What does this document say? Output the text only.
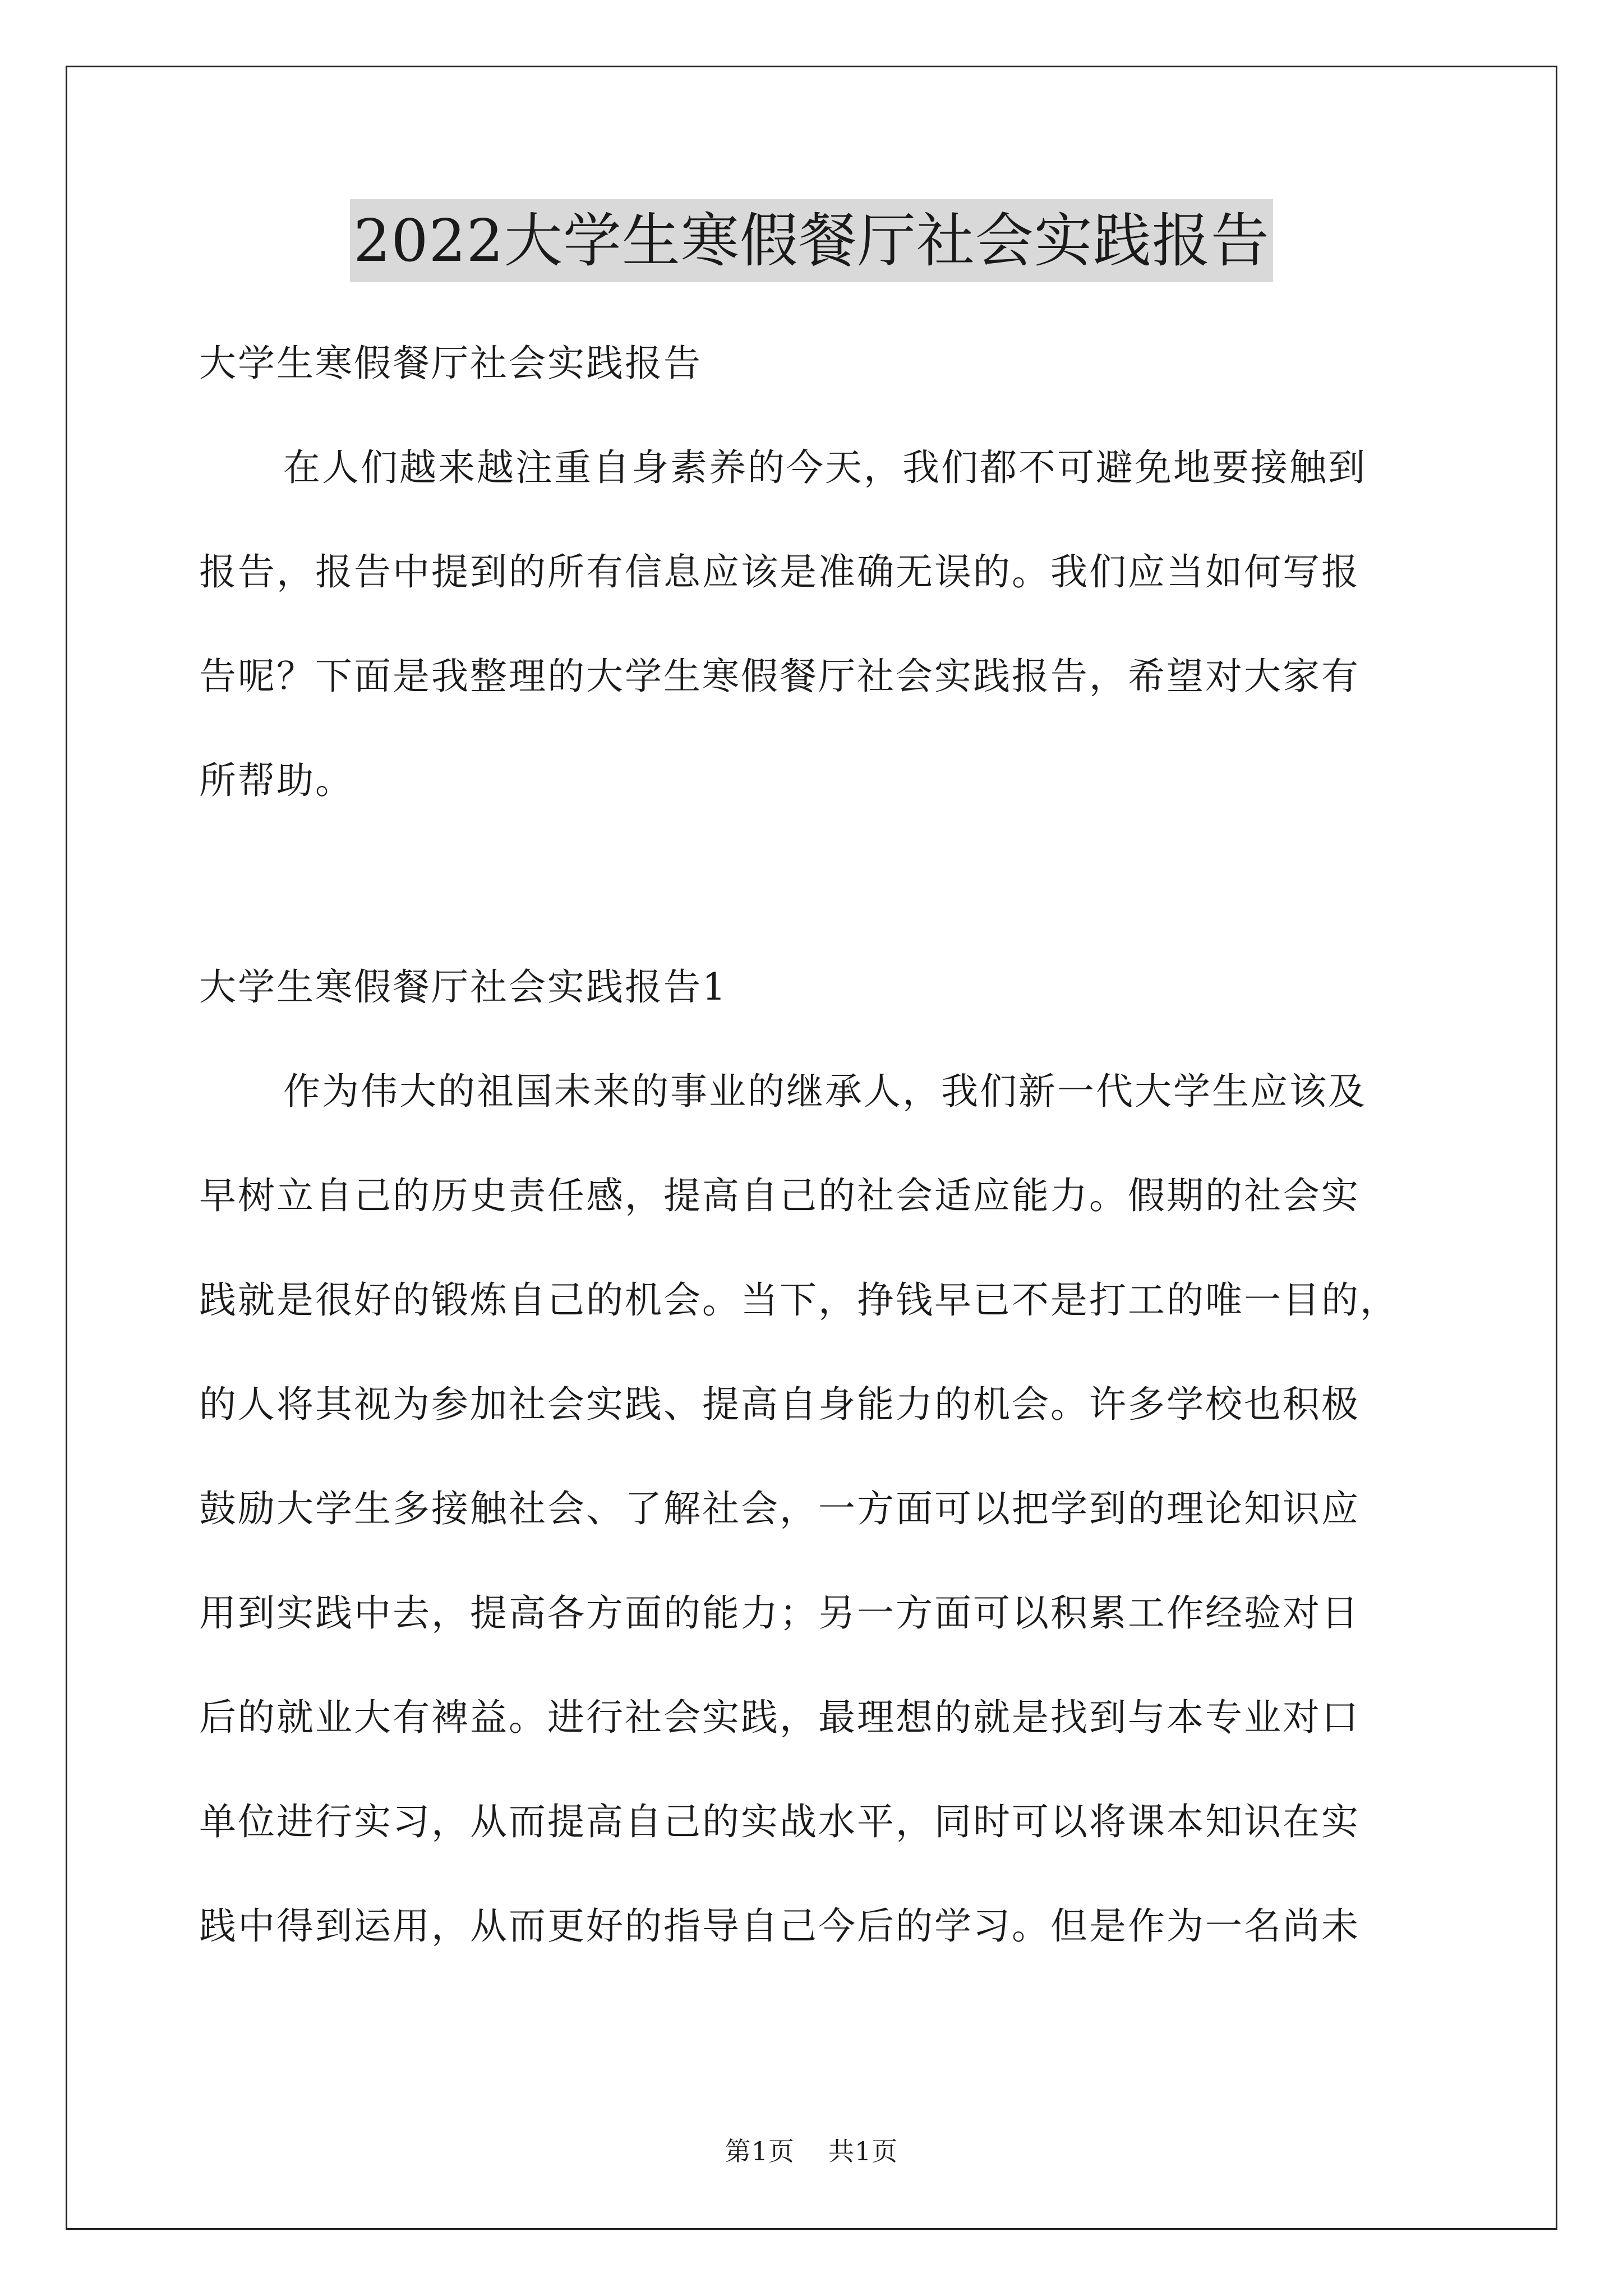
2022大学生寒假餐厅社会实践报告
大学生寒假餐厅社会实践报告
在人们越来越注重自身素养的今天，我们都不可避免地要接触到
报告，报告中提到的所有信息应该是准确无误的。我们应当如何写报
告呢？下面是我整理的大学生寒假餐厅社会实践报告，希望对大家有
所帮助。
大学生寒假餐厅社会实践报告1
作为伟大的祖国未来的事业的继承人，我们新一代大学生应该及
早树立自己的历史责任感，提高自己的社会适应能力。假期的社会实
践就是很好的锻炼自己的机会。当下，挣钱早已不是打工的唯一目的，
的人将其视为参加社会实践、提高自身能力的机会。许多学校也积极
鼓励大学生多接触社会、了解社会，一方面可以把学到的理论知识应
用到实践中去，提高各方面的能力；另一方面可以积累工作经验对日
后的就业大有裨益。进行社会实践，最理想的就是找到与本专业对口
单位进行实习，从而提高自己的实战水平，同时可以将课本知识在实
践中得到运用，从而更好的指导自己今后的学习。但是作为一名尚未
第1页 共1页
